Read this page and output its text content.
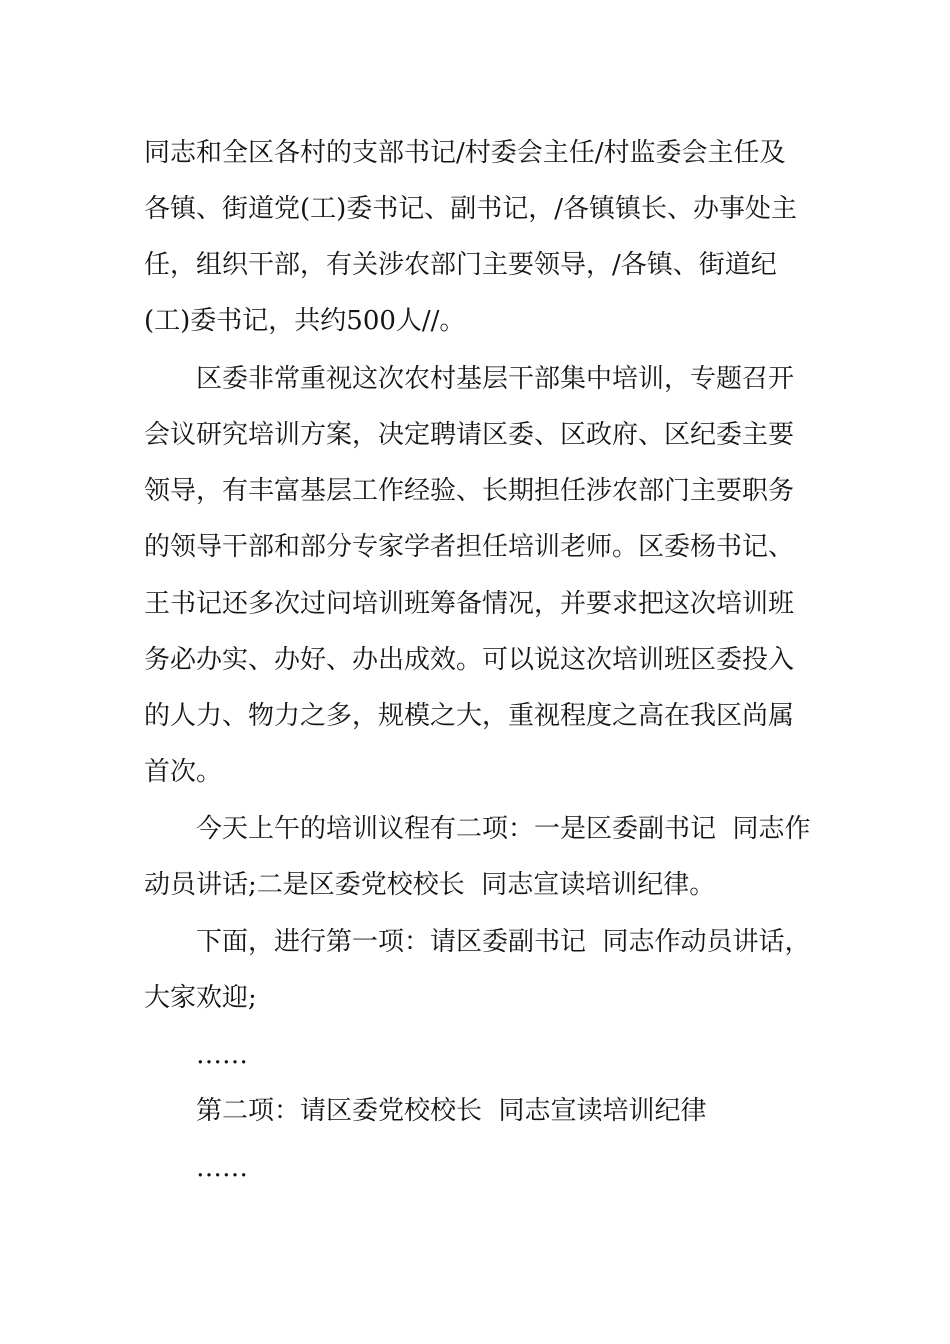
同志和全区各村的支部书记/村委会主任/村监委会主任及
各镇、街道党(工)委书记、副书记，/各镇镇长、办事处主
任，组织干部，有关涉农部门主要领导，/各镇、街道纪
(工)委书记，共约500人//。
区委非常重视这次农村基层干部集中培训，专题召开
会议研究培训方案，决定聘请区委、区政府、区纪委主要
领导，有丰富基层工作经验、长期担任涉农部门主要职务
的领导干部和部分专家学者担任培训老师。区委杨书记、
王书记还多次过问培训班筹备情况，并要求把这次培训班
务必办实、办好、办出成效。可以说这次培训班区委投入
的人力、物力之多，规模之大，重视程度之高在我区尚属
首次。
今天上午的培训议程有二项：一是区委副书记  同志作
动员讲话;二是区委党校校长  同志宣读培训纪律。
下面，进行第一项：请区委副书记  同志作动员讲话，
大家欢迎;
……
第二项：请区委党校校长  同志宣读培训纪律
……
